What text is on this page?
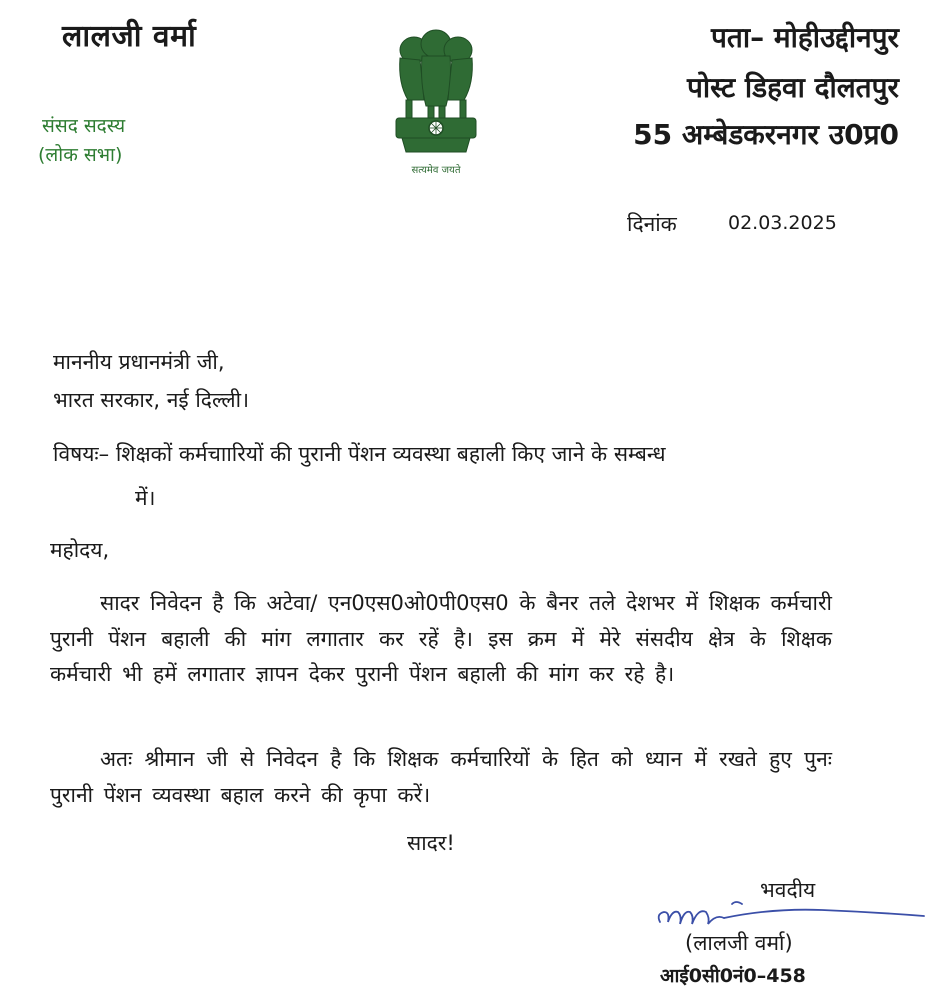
लालजी वर्मा
संसद सदस्य
(लोक सभा)
सत्यमेव जयते
पता– मोहीउद्दीनपुर
पोस्ट डिहवा दौलतपुर
55 अम्बेडकरनगर उ0प्र0
दिनांक	02.03.2025
माननीय प्रधानमंत्री जी,
भारत सरकार, नई दिल्ली।
विषयः– शिक्षकों कर्मचाारियों की पुरानी पेंशन व्यवस्था बहाली किए जाने के सम्बन्ध
में।
महोदय,
सादर निवेदन है कि अटेवा/ एन0एस0ओ0पी0एस0 के बैनर तले देशभर में शिक्षक कर्मचारी पुरानी पेंशन बहाली की मांग लगातार कर रहें है। इस क्रम में मेरे संसदीय क्षेत्र के शिक्षक कर्मचारी भी हमें लगातार ज्ञापन देकर पुरानी पेंशन बहाली की मांग कर रहे है।
अतः श्रीमान जी से निवेदन है कि शिक्षक कर्मचारियों के हित को ध्यान में रखते हुए पुनः पुरानी पेंशन व्यवस्था बहाल करने की कृपा करें।
सादर!
भवदीय
(लालजी वर्मा)
आई0सी0नं0–458
